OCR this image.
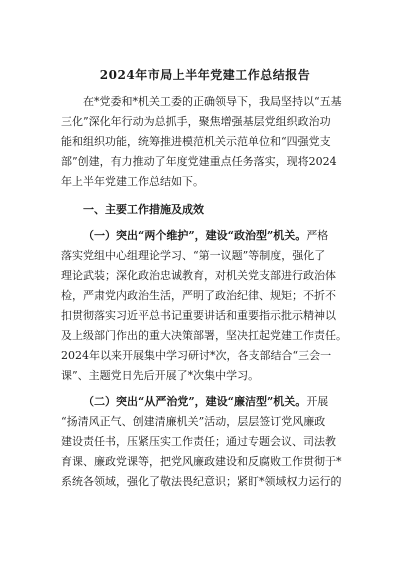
2024年市局上半年党建工作总结报告
在*党委和*机关工委的正确领导下，我局坚持以“五基
三化”深化年行动为总抓手，聚焦增强基层党组织政治功
能和组织功能，统筹推进模范机关示范单位和“四强党支
部”创建，有力推动了年度党建重点任务落实，现将2024
年上半年党建工作总结如下。
一、主要工作措施及成效
（一）突出“两个维护”，建设“政治型”机关。严格
落实党组中心组理论学习、“第一议题”等制度，强化了
理论武装；深化政治忠诚教育，对机关党支部进行政治体
检，严肃党内政治生活，严明了政治纪律、规矩；不折不
扣贯彻落实习近平总书记重要讲话和重要指示批示精神以
及上级部门作出的重大决策部署，坚决扛起党建工作责任。
2024年以来开展集中学习研讨*次，各支部结合“三会一
课”、主题党日先后开展了*次集中学习。
（二）突出“从严治党”，建设“廉洁型”机关。开展
“扬清风正气、创建清廉机关”活动，层层签订党风廉政
建设责任书，压紧压实工作责任；通过专题会议、司法教
育课、廉政党课等，把党风廉政建设和反腐败工作贯彻于*
系统各领域，强化了敬法畏纪意识；紧盯*领域权力运行的
